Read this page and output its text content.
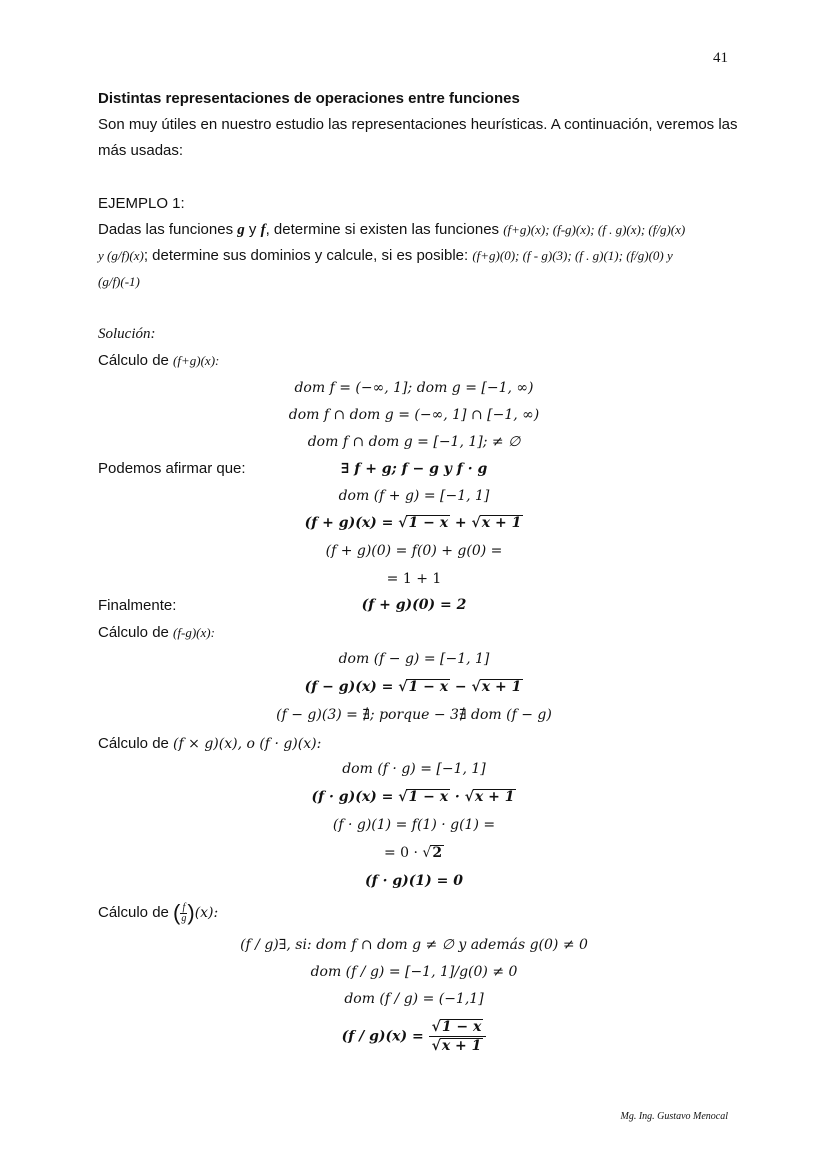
41
Distintas representaciones de operaciones entre funciones
Son muy útiles en nuestro estudio las representaciones heurísticas. A continuación, veremos las más usadas:
EJEMPLO 1:
Dadas las funciones g y f, determine si existen las funciones (f+g)(x); (f-g)(x); (f . g)(x); (f/g)(x)
y (g/f)(x); determine sus dominios y calcule, si es posible: (f+g)(0); (f - g)(3); (f . g)(1); (f/g)(0) y
(g/f)(-1)
Solución:
Cálculo de (f+g)(x):
dom f = (−∞, 1]; dom g = [−1, ∞)
dom f ∩ dom g = (−∞, 1] ∩ [−1, ∞)
dom f ∩ dom g = [−1, 1]; ≠ ∅
Podemos afirmar que:	∃ f + g; f − g y f · g
dom (f + g) = [−1, 1]
(f + g)(x) = √1 − x + √x + 1
(f + g)(0) = f(0) + g(0) =
= 1 + 1
Finalmente:	(f + g)(0) = 2
Cálculo de (f-g)(x):
dom (f − g) = [−1, 1]
(f − g)(x) = √1 − x − √x + 1
(f − g)(3) = ∄; porque − 3∄ dom (f − g)
Cálculo de (f × g)(x), o (f · g)(x):
dom (f · g) = [−1, 1]
(f · g)(x) = √1 − x · √x + 1
(f · g)(1) = f(1) · g(1) =
= 0 · √2
(f · g)(1) = 0
Cálculo de ( $\frac{f}{g} )(x)$:
(f / g)∃, si: dom f ∩ dom g ≠ ∅ y además g(0) ≠ 0
dom (f / g) = [−1, 1]∕g(0) ≠ 0
dom (f / g) = (−1,1]
$(f / g)(x) = \frac{√1 - x}{√x + 1}$
Mg. Ing. Gustavo Menocal
